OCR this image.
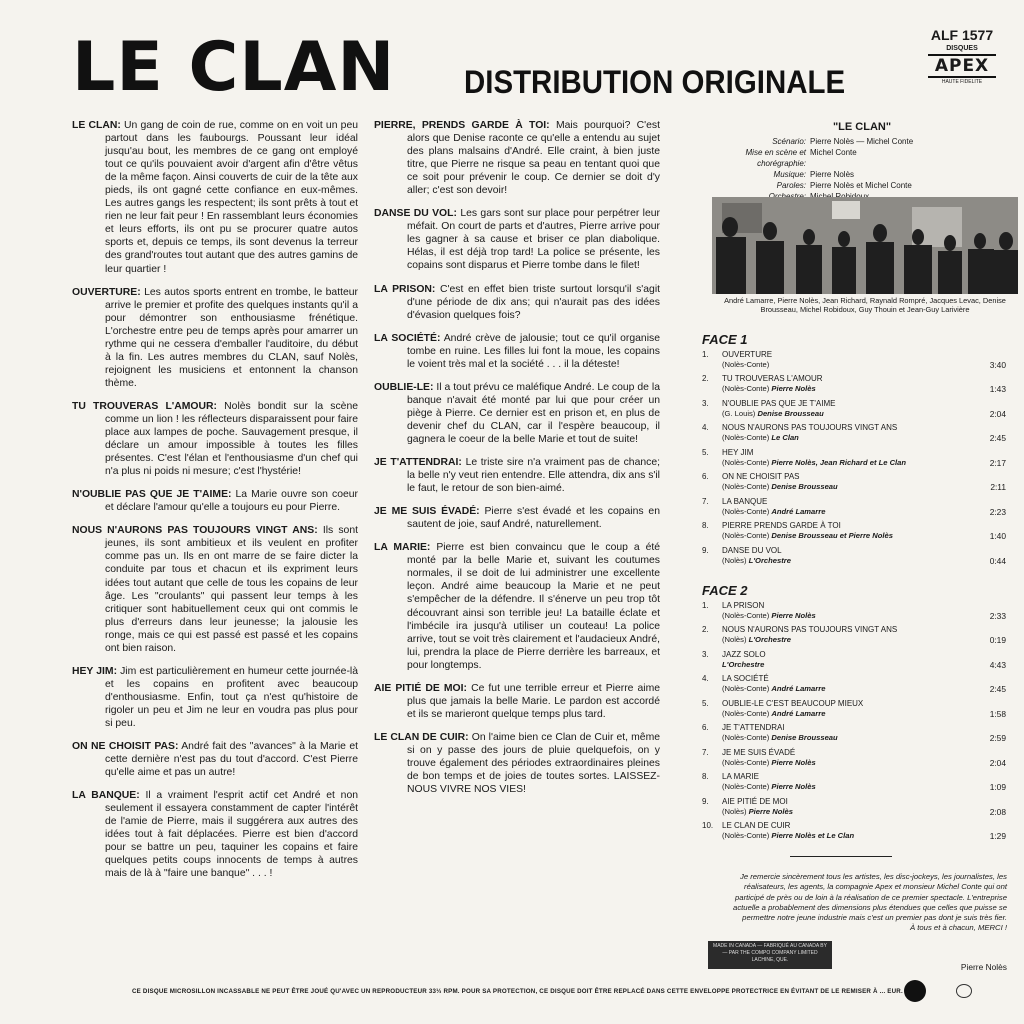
LE CLAN DISTRIBUTION ORIGINALE
ALF 1577
DISQUES
APEX
HAUTE FIDELITE

LE CLAN: Un gang de coin de rue, comme on en voit un peu partout dans les faubourgs. Poussant leur idéal jusqu'au bout, les membres de ce gang ont employé tout ce qu'ils pouvaient avoir d'argent afin d'être vêtus de la même façon. Ainsi couverts de cuir de la tête aux pieds, ils ont gagné cette confiance en eux-mêmes. Les autres gangs les respectent; ils sont prêts à tout et rien ne leur fait peur ! En rassemblant leurs économies et leurs efforts, ils ont pu se procurer quatre autos sports et, depuis ce temps, ils sont devenus la terreur des grand'routes tout autant que des autres gamins de leur quartier !

OUVERTURE: Les autos sports entrent en trombe, le batteur arrive le premier et profite des quelques instants qu'il a pour démontrer son enthousiasme frénétique. L'orchestre entre peu de temps après pour amarrer un rythme qui ne cessera d'emballer l'auditoire, du début à la fin. Les autres membres du CLAN, sauf Nolès, rejoignent les musiciens et entonnent la chanson thème.

TU TROUVERAS L'AMOUR: Nolès bondit sur la scène comme un lion ! les réflecteurs disparaissent pour faire place aux lampes de poche. Sauvagement presque, il déclare un amour impossible à toutes les filles présentes. C'est l'élan et l'enthousiasme d'un chef qui n'a plus ni poids ni mesure; c'est l'hystérie!

N'OUBLIE PAS QUE JE T'AIME: La Marie ouvre son coeur et déclare l'amour qu'elle a toujours eu pour Pierre.

NOUS N'AURONS PAS TOUJOURS VINGT ANS: Ils sont jeunes, ils sont ambitieux et ils veulent en profiter comme pas un. Ils en ont marre de se faire dicter la conduite par tous et chacun et ils expriment leurs idées tout autant que celle de tous les copains de leur âge. Les "croulants" qui passent leur temps à les critiquer sont habituellement ceux qui ont commis le plus d'erreurs dans leur jeunesse; la jalousie les ronge, mais ce qui est passé est passé et les copains ont bien raison.

HEY JIM: Jim est particulièrement en humeur cette journée-là et les copains en profitent avec beaucoup d'enthousiasme. Enfin, tout ça n'est qu'histoire de rigoler un peu et Jim ne leur en voudra pas plus pour si peu.

ON NE CHOISIT PAS: André fait des "avances" à la Marie et cette dernière n'est pas du tout d'accord. C'est Pierre qu'elle aime et pas un autre!

LA BANQUE: Il a vraiment l'esprit actif cet André et non seulement il essayera constamment de capter l'intérêt de l'amie de Pierre, mais il suggérera aux autres des idées tout à fait déplacées. Pierre est bien d'accord pour se battre un peu, taquiner les copains et faire quelques petits coups innocents de temps à autres mais de là à "faire une banque" . . . !

PIERRE, PRENDS GARDE À TOI: Mais pourquoi? C'est alors que Denise raconte ce qu'elle a entendu au sujet des plans malsains d'André. Elle craint, à bien juste titre, que Pierre ne risque sa peau en tentant quoi que ce soit pour prévenir le coup. Ce dernier se doit d'y aller; c'est son devoir!

DANSE DU VOL: Les gars sont sur place pour perpétrer leur méfait. On court de parts et d'autres, Pierre arrive pour les gagner à sa cause et briser ce plan diabolique. Hélas, il est déjà trop tard! La police se présente, les copains sont disparus et Pierre tombe dans le filet!

LA PRISON: C'est en effet bien triste surtout lorsqu'il s'agit d'une période de dix ans; qui n'aurait pas des idées d'évasion quelques fois?

LA SOCIÉTÉ: André crève de jalousie; tout ce qu'il organise tombe en ruine. Les filles lui font la moue, les copains le voient très mal et la société . . . il la déteste!

OUBLIE-LE: Il a tout prévu ce maléfique André. Le coup de la banque n'avait été monté par lui que pour créer un piège à Pierre. Ce dernier est en prison et, en plus de devenir chef du CLAN, car il l'espère beaucoup, il gagnera le coeur de la belle Marie et tout de suite!

JE T'ATTENDRAI: Le triste sire n'a vraiment pas de chance; la belle n'y veut rien entendre. Elle attendra, dix ans s'il le faut, le retour de son bien-aimé.

JE ME SUIS ÉVADÉ: Pierre s'est évadé et les copains en sautent de joie, sauf André, naturellement.

LA MARIE: Pierre est bien convaincu que le coup a été monté par la belle Marie et, suivant les coutumes normales, il se doit de lui administrer une excellente leçon. André aime beaucoup la Marie et ne peut s'empêcher de la défendre. Il s'énerve un peu trop tôt découvrant ainsi son terrible jeu! La bataille éclate et l'imbécile ira jusqu'à utiliser un couteau! La police arrive, tout se voit très clairement et l'audacieux André, lui, prendra la place de Pierre derrière les barreaux, et pour longtemps.

AIE PITIÉ DE MOI: Ce fut une terrible erreur et Pierre aime plus que jamais la belle Marie. Le pardon est accordé et ils se marieront quelque temps plus tard.

LE CLAN DE CUIR: On l'aime bien ce Clan de Cuir et, même si on y passe des jours de pluie quelquefois, on y trouve également des périodes extraordinaires pleines de bon temps et de joies de toutes sortes. LAISSEZ-NOUS VIVRE NOS VIES!

"LE CLAN"
Scénario: Pierre Nolès — Michel Conte
Mise en scène et chorégraphie:
Michel Conte
Musique: Pierre Nolès
Paroles: Pierre Nolès et Michel Conte
André Lamarre, Pierre Nolès, Jean Richard, Raynald Rompré, Jacques Levac, Denise Brousseau, Michel Robidoux, Guy Thouin et Jean-Guy Larivière
FACE 1
1.	OUVERTURE
(Nolès-Conte)	3:40
2.	TU TROUVERAS L'AMOUR
(Nolès-Conte) Pierre Nolès	1:43
3.	N'OUBLIE PAS QUE JE T'AIME
(G. Louis) Denise Brousseau	2:04
4.	NOUS N'AURONS PAS TOUJOURS VINGT ANS
(Nolès-Conte) Le Clan	2:45
5.	HEY JIM
(Nolès-Conte) Pierre Nolès, Jean Richard et Le Clan	2:17
6.	ON NE CHOISIT PAS
(Nolès-Conte) Denise Brousseau	2:11
7.	LA BANQUE
(Nolès-Conte) André Lamarre	2:23
8.	PIERRE PRENDS GARDE À TOI
(Nolès-Conte) Denise Brousseau et Pierre Nolès	1:40
9.	DANSE DU VOL
(Nolès) L'Orchestre	0:44
FACE 2
1.	LA PRISON
(Nolès-Conte) Pierre Nolès	2:33
2.	NOUS N'AURONS PAS TOUJOURS VINGT ANS
(Nolès) L'Orchestre	0:19
3.	JAZZ SOLO
L'Orchestre	4:43
4.	LA SOCIÉTÉ
(Nolès-Conte) André Lamarre	2:45
5.	OUBLIE-LE C'EST BEAUCOUP MIEUX
(Nolès-Conte) André Lamarre	1:58
6.	JE T'ATTENDRAI
(Nolès-Conte) Denise Brousseau	2:59
7.	JE ME SUIS ÉVADÉ
(Nolès-Conte) Pierre Nolès	2:04
8.	LA MARIE
(Nolès-Conte) Pierre Nolès	1:09
9.	AIE PITIÉ DE MOI
(Nolès) Pierre Nolès	2:08
10.	LE CLAN DE CUIR
(Nolès-Conte) Pierre Nolès et Le Clan	1:29
Je remercie sincèrement tous les artistes, les disc-jockeys, les journalistes, les réalisateurs, les agents, la compagnie Apex et monsieur Michel Conte qui ont participé de près ou de loin à la réalisation de ce premier spectacle. L'entreprise actuelle a probablement des dimensions plus étendues que celles que puisse se permettre notre jeune industrie mais c'est un premier pas dont je suis très fier.
À tous et à chacun, MERCI !
Pierre Nolès
MADE IN CANADA — FABRIQUÉ AU CANADA BY — PAR THE COMPO COMPANY LIMITED LACHINE, QUE.
CE DISQUE MICROSILLON INCASSABLE NE PEUT ÊTRE JOUÉ QU'AVEC UN REPRODUCTEUR 33⅓ RPM. POUR SA PROTECTION, CE DISQUE DOIT ÊTRE REPLACÉ DANS CETTE ENVELOPPE PROTECTRICE EN ÉVITANT DE LE REMISER À ... EUR.
